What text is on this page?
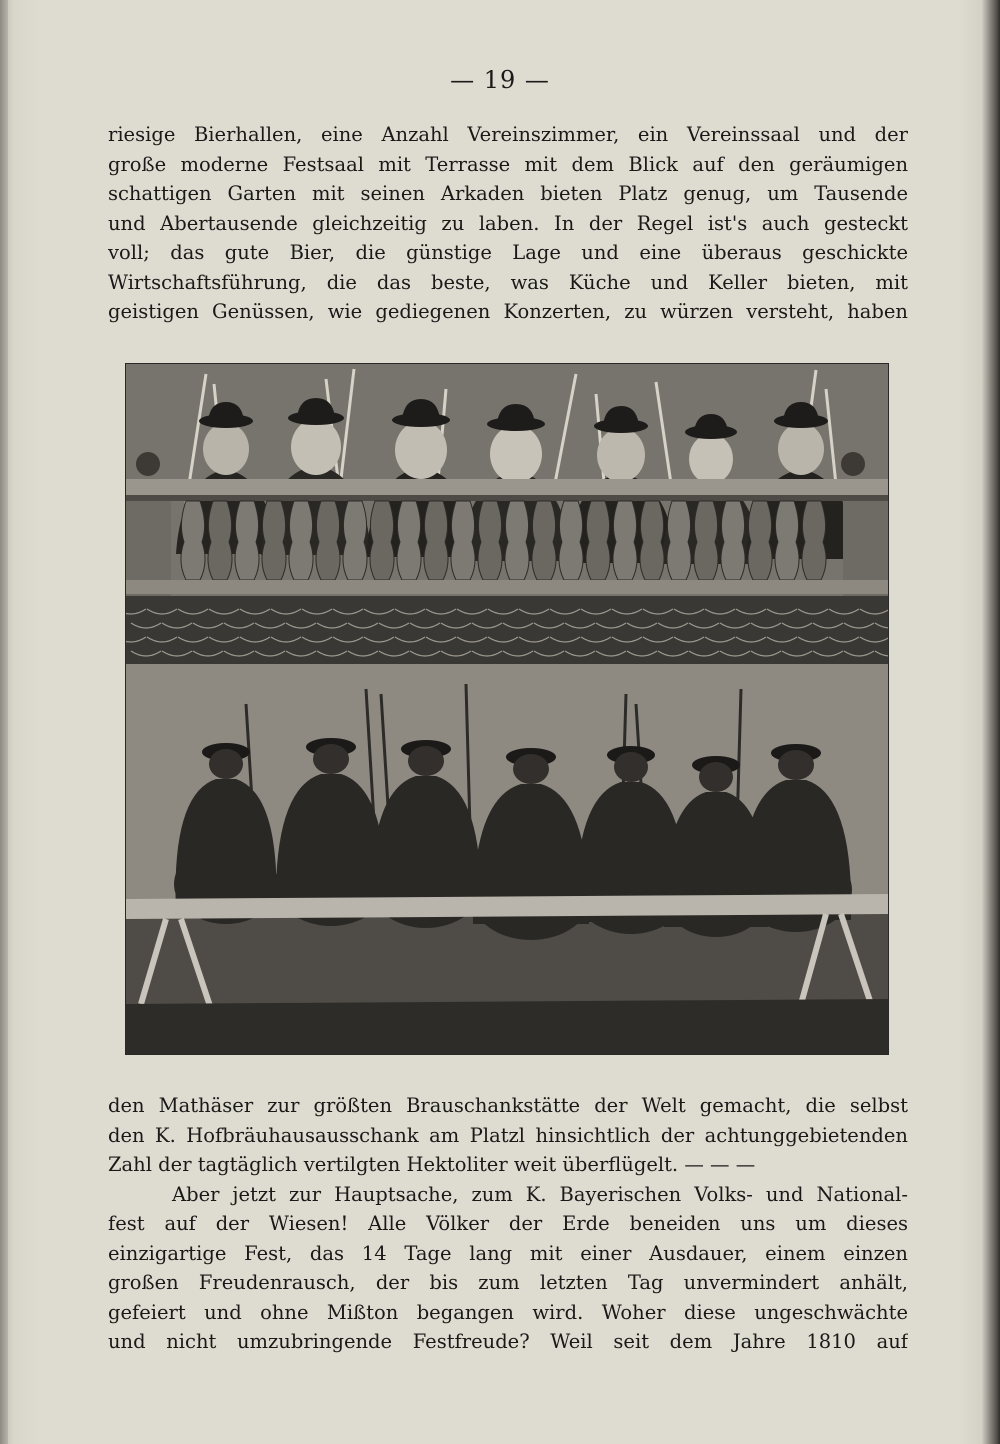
— 19 —
riesige Bierhallen, eine Anzahl Vereinszimmer, ein Vereinssaal und der
große moderne Festsaal mit Terrasse mit dem Blick auf den geräumigen
schattigen Garten mit seinen Arkaden bieten Platz genug, um Tausende
und Abertausende gleichzeitig zu laben. In der Regel ist's auch gesteckt
voll; das gute Bier, die günstige Lage und eine überaus geschickte
Wirtschaftsführung, die das beste, was Küche und Keller bieten, mit
geistigen Genüssen, wie gediegenen Konzerten, zu würzen versteht, haben
den Mathäser zur größten Brauschankstätte der Welt gemacht, die selbst
den K. Hofbräuhausausschank am Platzl hinsichtlich der achtunggebietenden
Zahl der tagtäglich vertilgten Hektoliter weit überflügelt. — — —
Aber jetzt zur Hauptsache, zum K. Bayerischen Volks- und National-
fest auf der Wiesen! Alle Völker der Erde beneiden uns um dieses
einzigartige Fest, das 14 Tage lang mit einer Ausdauer, einem einzen
großen Freudenrausch, der bis zum letzten Tag unvermindert anhält,
gefeiert und ohne Mißton begangen wird. Woher diese ungeschwächte
und nicht umzubringende Festfreude? Weil seit dem Jahre 1810 auf
